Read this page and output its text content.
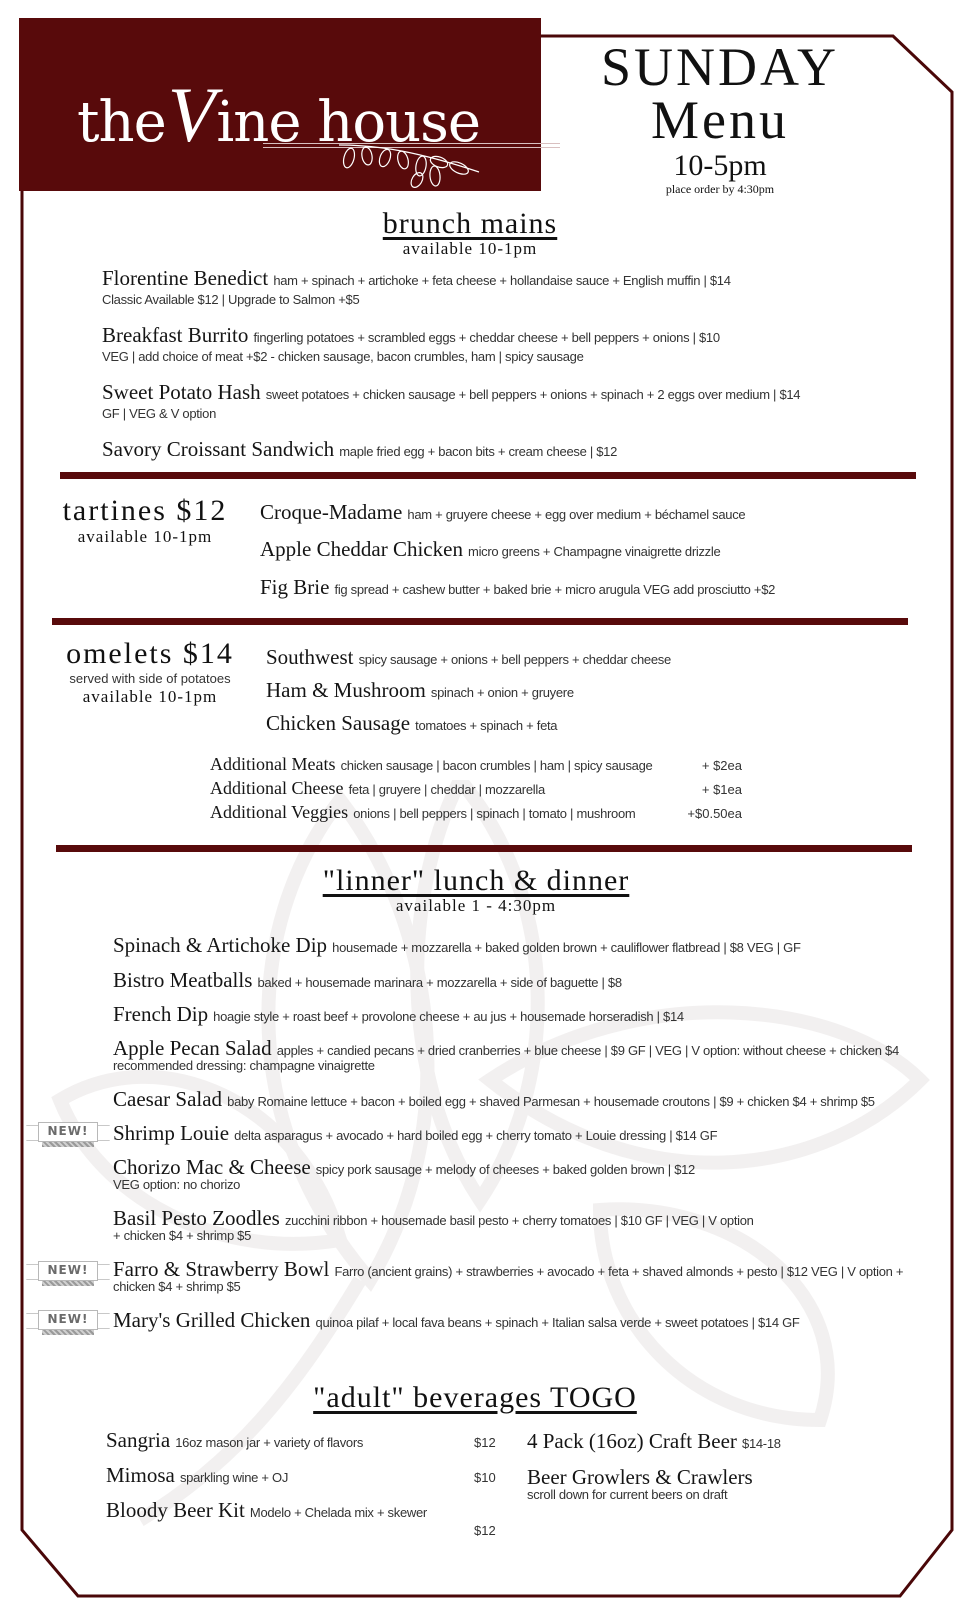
theVine house
SUNDAY
Menu
10-5pm
place order by 4:30pm
brunch mains
available 10-1pm
Florentine Benedict ham + spinach + artichoke + feta cheese + hollandaise sauce + English muffin | $14
Classic Available $12 | Upgrade to Salmon +$5
Breakfast Burrito fingerling potatoes + scrambled eggs + cheddar cheese + bell peppers + onions | $10
VEG | add choice of meat +$2 - chicken sausage, bacon crumbles, ham | spicy sausage
Sweet Potato Hash sweet potatoes + chicken sausage + bell peppers + onions + spinach + 2 eggs over medium | $14
GF | VEG & V option
Savory Croissant Sandwich maple fried egg + bacon bits + cream cheese | $12
tartines $12
available 10-1pm
Croque-Madame ham + gruyere cheese + egg over medium + béchamel sauce
Apple Cheddar Chicken micro greens + Champagne vinaigrette drizzle
Fig Brie fig spread + cashew butter + baked brie + micro arugula VEG add prosciutto +$2
omelets $14
served with side of potatoes
available 10-1pm
Southwest spicy sausage + onions + bell peppers + cheddar cheese
Ham & Mushroom spinach + onion + gruyere
Chicken Sausage tomatoes + spinach + feta
Additional Meats chicken sausage | bacon crumbles | ham | spicy sausage	+ $2ea
Additional Cheese feta | gruyere | cheddar | mozzarella	+ $1ea
Additional Veggies onions | bell peppers | spinach | tomato | mushroom	+$0.50ea
"linner" lunch & dinner
available 1 - 4:30pm
Spinach & Artichoke Dip housemade + mozzarella + baked golden brown + cauliflower flatbread | $8 VEG | GF
Bistro Meatballs baked + housemade marinara + mozzarella + side of baguette | $8
French Dip hoagie style + roast beef + provolone cheese + au jus + housemade horseradish | $14
Apple Pecan Salad apples + candied pecans + dried cranberries + blue cheese | $9 GF | VEG | V option: without cheese + chicken $4
recommended dressing: champagne vinaigrette
Caesar Salad baby Romaine lettuce + bacon + boiled egg + shaved Parmesan + housemade croutons | $9 + chicken $4 + shrimp $5
NEW!	Shrimp Louie delta asparagus + avocado + hard boiled egg + cherry tomato + Louie dressing | $14 GF
Chorizo Mac & Cheese spicy pork sausage + melody of cheeses + baked golden brown | $12
VEG option: no chorizo
Basil Pesto Zoodles zucchini ribbon + housemade basil pesto + cherry tomatoes | $10 GF | VEG | V option
+ chicken $4 + shrimp $5
NEW!	Farro & Strawberry Bowl Farro (ancient grains) + strawberries + avocado + feta + shaved almonds + pesto | $12 VEG | V option +
chicken $4 + shrimp $5
NEW!	Mary's Grilled Chicken quinoa pilaf + local fava beans + spinach + Italian salsa verde + sweet potatoes | $14 GF
"adult" beverages TOGO
Sangria 16oz mason jar + variety of flavors	$12
Mimosa sparkling wine + OJ	$10
Bloody Beer Kit Modelo + Chelada mix + skewer
$12
4 Pack (16oz) Craft Beer $14-18
Beer Growlers & Crawlers
scroll down for current beers on draft
